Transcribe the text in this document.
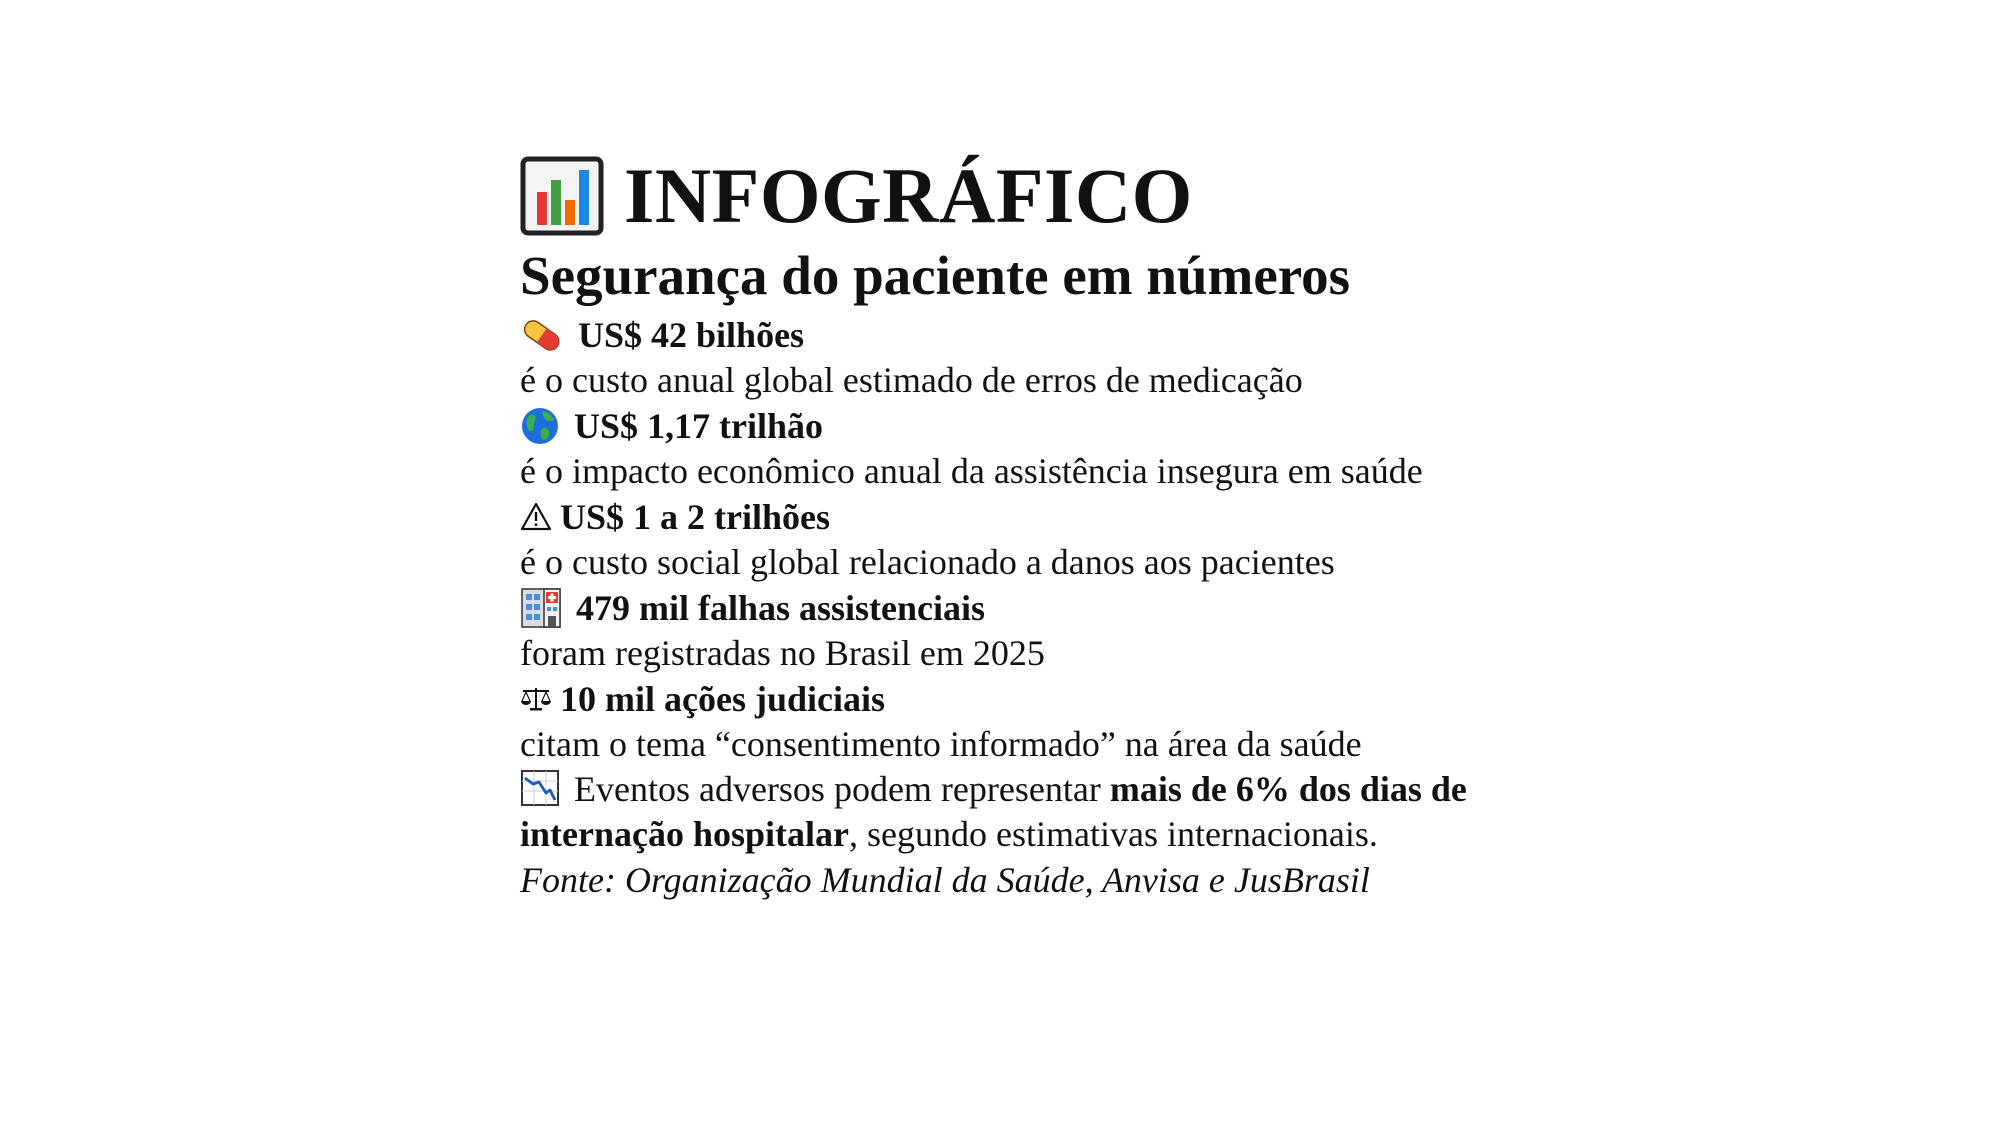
INFOGRÁFICO
Segurança do paciente em números
US$ 42 bilhões
é o custo anual global estimado de erros de medicação
US$ 1,17 trilhão
é o impacto econômico anual da assistência insegura em saúde
US$ 1 a 2 trilhões
é o custo social global relacionado a danos aos pacientes
479 mil falhas assistenciais
foram registradas no Brasil em 2025
10 mil ações judiciais
citam o tema “consentimento informado” na área da saúde
Eventos adversos podem representar mais de 6% dos dias de internação hospitalar, segundo estimativas internacionais.
Fonte: Organização Mundial da Saúde, Anvisa e JusBrasil
